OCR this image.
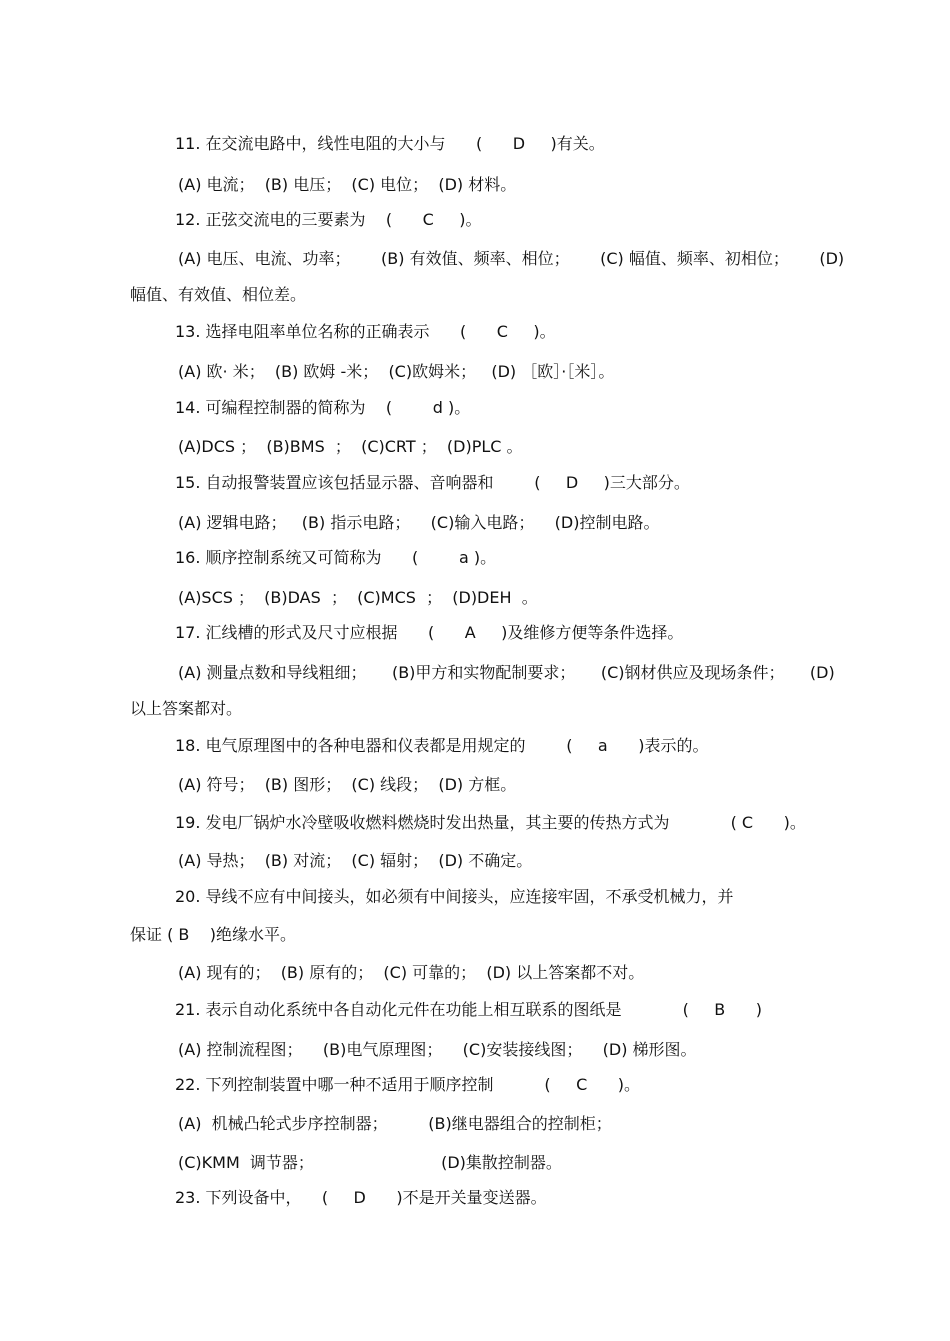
11. 在交流电路中，线性电阻的大小与      (      D     )有关。
(A) 电流；  (B) 电压；  (C) 电位；  (D) 材料。
12. 正弦交流电的三要素为    (      C     )。
(A) 电压、电流、功率；      (B) 有效值、频率、相位；      (C) 幅值、频率、初相位；      (D)
幅值、有效值、相位差。
13. 选择电阻率单位名称的正确表示      (      C     )。
(A) 欧· 米；  (B) 欧姆 -米；  (C)欧姆米；   (D) ［欧］·［米］。
14. 可编程控制器的简称为    (        d )。
(A)DCS ；  (B)BMS  ；  (C)CRT ；  (D)PLC 。
15. 自动报警装置应该包括显示器、音响器和        (     D     )三大部分。
(A) 逻辑电路；   (B) 指示电路；    (C)输入电路；    (D)控制电路。
16. 顺序控制系统又可简称为      (        a )。
(A)SCS ；  (B)DAS  ；  (C)MCS  ；  (D)DEH  。
17. 汇线槽的形式及尺寸应根据      (      A     )及维修方便等条件选择。
(A) 测量点数和导线粗细；     (B)甲方和实物配制要求；     (C)钢材供应及现场条件；     (D)
以上答案都对。
18. 电气原理图中的各种电器和仪表都是用规定的        (     a      )表示的。
(A) 符号；  (B) 图形；  (C) 线段；  (D) 方框。
19. 发电厂锅炉水冷壁吸收燃料燃烧时发出热量，其主要的传热方式为            ( C      )。
(A) 导热；  (B) 对流；  (C) 辐射；  (D) 不确定。
20. 导线不应有中间接头，如必须有中间接头，应连接牢固，不承受机械力，并
保证 ( B    )绝缘水平。
(A) 现有的；  (B) 原有的；  (C) 可靠的；  (D) 以上答案都不对。
21. 表示自动化系统中各自动化元件在功能上相互联系的图纸是            (     B      )
(A) 控制流程图；    (B)电气原理图；    (C)安装接线图；    (D) 梯形图。
22. 下列控制装置中哪一种不适用于顺序控制          (     C      )。
(A)  机械凸轮式步序控制器；        (B)继电器组合的控制柜；
(C)KMM  调节器；                         (D)集散控制器。
23. 下列设备中，    (     D      )不是开关量变送器。
